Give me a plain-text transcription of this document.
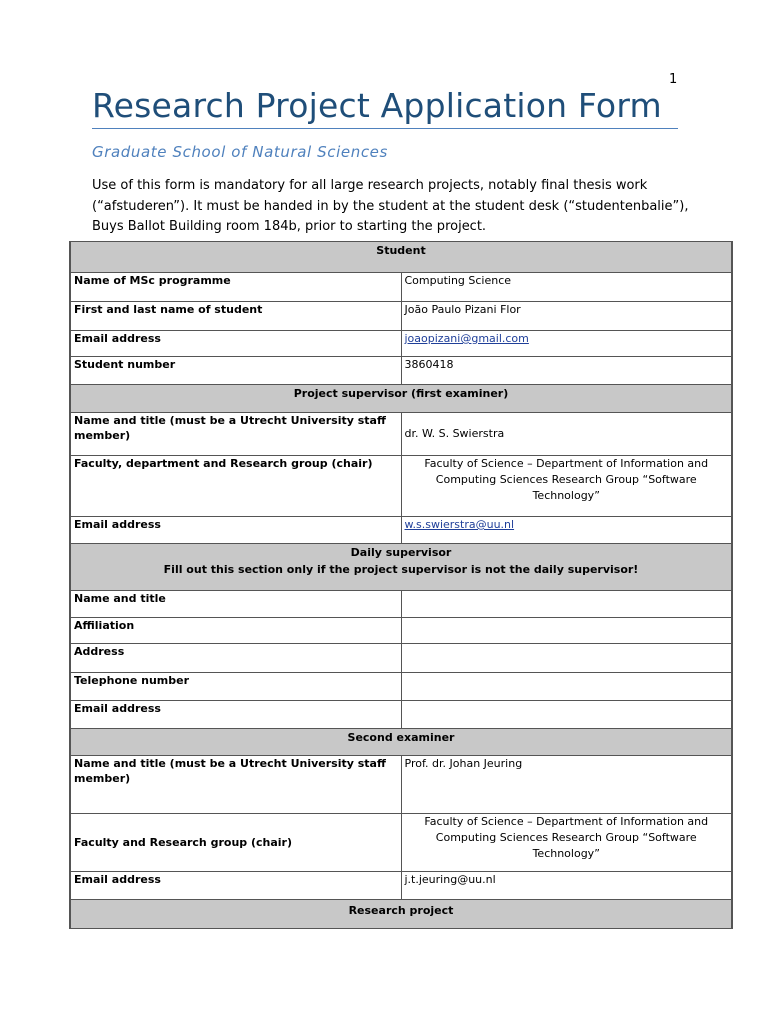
1
Research Project Application Form
Graduate School of Natural Sciences

Use of this form is mandatory for all large research projects, notably final thesis work (“afstuderen”). It must be handed in by the student at the student desk (“studentenbalie”), Buys Ballot Building room 184b, prior to starting the project.

Student	
Name of MSc programme	Computing Science
First and last name of student	João Paulo Pizani Flor
Email address	joaopizani@gmail.com
Student number	3860418
Project supervisor (first examiner)	
Name and title (must be a Utrecht University staff member)	dr. W. S. Swierstra
Faculty, department and Research group (chair)	Faculty of Science – Department of Information and Computing Sciences Research Group “Software Technology”
Email address	w.s.swierstra@uu.nl

Daily supervisor
Fill out this section only if the project supervisor is not the daily supervisor!	

Name and title	
Affiliation	
Address	
Telephone number	
Email address	
Second examiner	
Name and title (must be a Utrecht University staff member)	Prof. dr. Johan Jeuring
Faculty and Research group (chair)	Faculty of Science – Department of Information and Computing Sciences Research Group “Software Technology”
Email address	j.t.jeuring@uu.nl
Research project	
